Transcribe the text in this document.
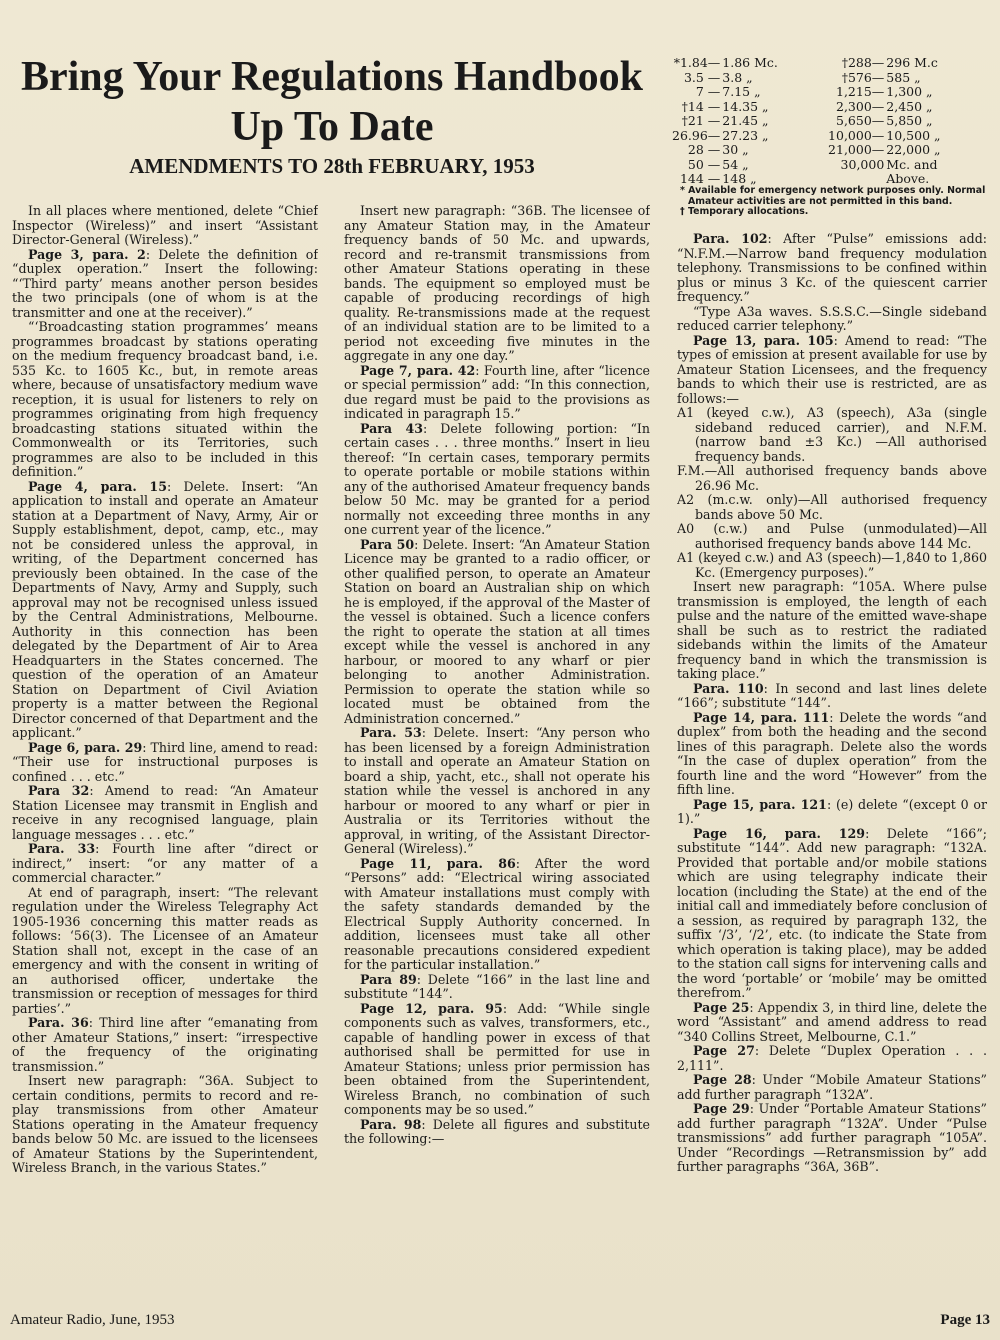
Bring Your Regulations Handbook
Up To Date
AMENDMENTS TO 28th FEBRUARY, 1953

In all places where mentioned, delete “Chief Inspector (Wireless)” and insert “Assistant Director-General (Wireless).”

Page 3, para. 2: Delete the definition of “duplex operation.” Insert the following: “‘Third party’ means another person besides the two principals (one of whom is at the transmitter and one at the receiver).”

“‘Broadcasting station programmes’ means programmes broadcast by stations operating on the medium frequency broadcast band, i.e. 535 Kc. to 1605 Kc., but, in remote areas where, because of unsatisfactory medium wave reception, it is usual for listeners to rely on programmes originating from high frequency broadcasting stations situated within the Commonwealth or its Territories, such programmes are also to be included in this definition.”

Page 4, para. 15: Delete. Insert: “An application to install and operate an Amateur station at a Department of Navy, Army, Air or Supply establishment, depot, camp, etc., may not be considered unless the approval, in writing, of the Department concerned has previously been obtained. In the case of the Departments of Navy, Army and Supply, such approval may not be recognised unless issued by the Central Administrations, Melbourne. Authority in this connection has been delegated by the Department of Air to Area Headquarters in the States concerned. The question of the operation of an Amateur Station on Department of Civil Aviation property is a matter between the Regional Director concerned of that Department and the applicant.”

Page 6, para. 29: Third line, amend to read: “Their use for instructional purposes is confined . . . etc.”

Para 32: Amend to read: “An Amateur Station Licensee may transmit in English and receive in any recognised language, plain language messages . . . etc.”

Para. 33: Fourth line after “direct or indirect,” insert: “or any matter of a commercial character.”

At end of paragraph, insert: “The relevant regulation under the Wireless Telegraphy Act 1905-1936 concerning this matter reads as follows: ‘56(3). The Licensee of an Amateur Station shall not, except in the case of an emergency and with the consent in writing of an authorised officer, undertake the transmission or reception of messages for third parties’.”

Para. 36: Third line after “emanating from other Amateur Stations,” insert: “irrespective of the frequency of the originating transmission.”

Insert new paragraph: “36A. Subject to certain conditions, permits to record and re-play transmissions from other Amateur Stations operating in the Amateur frequency bands below 50 Mc. are issued to the licensees of Amateur Stations by the Superintendent, Wireless Branch, in the various States.”

Insert new paragraph: “36B. The licensee of any Amateur Station may, in the Amateur frequency bands of 50 Mc. and upwards, record and re-transmit transmissions from other Amateur Stations operating in these bands. The equipment so employed must be capable of producing recordings of high quality. Re-transmissions made at the request of an individual station are to be limited to a period not exceeding five minutes in the aggregate in any one day.”

Page 7, para. 42: Fourth line, after “licence or special permission” add: “In this connection, due regard must be paid to the provisions as indicated in paragraph 15.”

Para 43: Delete following portion: “In certain cases . . . three months.” Insert in lieu thereof: “In certain cases, temporary permits to operate portable or mobile stations within any of the authorised Amateur frequency bands below 50 Mc. may be granted for a period normally not exceeding three months in any one current year of the licence.”

Para 50: Delete. Insert: “An Amateur Station Licence may be granted to a radio officer, or other qualified person, to operate an Amateur Station on board an Australian ship on which he is employed, if the approval of the Master of the vessel is obtained. Such a licence confers the right to operate the station at all times except while the vessel is anchored in any harbour, or moored to any wharf or pier belonging to another Administration. Permission to operate the station while so located must be obtained from the Administration concerned.”

Para. 53: Delete. Insert: “Any person who has been licensed by a foreign Administration to install and operate an Amateur Station on board a ship, yacht, etc., shall not operate his station while the vessel is anchored in any harbour or moored to any wharf or pier in Australia or its Territories without the approval, in writing, of the Assistant Director-General (Wireless).”

Page 11, para. 86: After the word “Persons” add: “Electrical wiring associated with Amateur installations must comply with the safety standards demanded by the Electrical Supply Authority concerned. In addition, licensees must take all other reasonable precautions considered expedient for the particular installation.”

Para 89: Delete “166” in the last line and substitute “144”.

Page 12, para. 95: Add: “While single components such as valves, transformers, etc., capable of handling power in excess of that authorised shall be permitted for use in Amateur Stations; unless prior permission has been obtained from the Superintendent, Wireless Branch, no combination of such components may be so used.”

Para. 98: Delete all figures and substitute the following:—

*1.84—	1.86 Mc.	†288—	296 M.c
3.5 —	3.8 „	†576—	585 „
7 —	7.15 „	1,215—	1,300 „
†14 —	14.35 „	2,300—	2,450 „
†21 —	21.45 „	5,650—	5,850 „
26.96—	27.23 „	10,000—	10,500 „
28 —	30 „	21,000—	22,000 „
50 —	54 „	30,000	Mc. and
144 —	148 „		Above.

* Available for emergency network purposes only. Normal Amateur activities are not permitted in this band.

† Temporary allocations.

Para. 102: After “Pulse” emissions add: “N.F.M.—Narrow band frequency modulation telephony. Transmissions to be confined within plus or minus 3 Kc. of the quiescent carrier frequency.”

“Type A3a waves. S.S.S.C.—Single sideband reduced carrier telephony.”

Page 13, para. 105: Amend to read: “The types of emission at present available for use by Amateur Station Licensees, and the frequency bands to which their use is restricted, are as follows:—

A1 (keyed c.w.), A3 (speech), A3a (single sideband reduced carrier), and N.F.M. (narrow band ±3 Kc.) —All authorised frequency bands.

F.M.—All authorised frequency bands above 26.96 Mc.

A2 (m.c.w. only)—All authorised frequency bands above 50 Mc.

A0 (c.w.) and Pulse (unmodulated)—All authorised frequency bands above 144 Mc.

A1 (keyed c.w.) and A3 (speech)—1,840 to 1,860 Kc. (Emergency purposes).”

Insert new paragraph: “105A. Where pulse transmission is employed, the length of each pulse and the nature of the emitted wave-shape shall be such as to restrict the radiated sidebands within the limits of the Amateur frequency band in which the transmission is taking place.”

Para. 110: In second and last lines delete “166”; substitute “144”.

Page 14, para. 111: Delete the words “and duplex” from both the heading and the second lines of this paragraph. Delete also the words “In the case of duplex operation” from the fourth line and the word “However” from the fifth line.

Page 15, para. 121: (e) delete “(except 0 or 1).”

Page 16, para. 129: Delete “166”; substitute “144”. Add new paragraph: “132A. Provided that portable and/or mobile stations which are using telegraphy indicate their location (including the State) at the end of the initial call and immediately before conclusion of a session, as required by paragraph 132, the suffix ‘/3’, ‘/2’, etc. (to indicate the State from which operation is taking place), may be added to the station call signs for intervening calls and the word ‘portable’ or ‘mobile’ may be omitted therefrom.”

Page 25: Appendix 3, in third line, delete the word “Assistant” and amend address to read “340 Collins Street, Melbourne, C.1.”

Page 27: Delete “Duplex Operation . . . 2,111”.

Page 28: Under “Mobile Amateur Stations” add further paragraph “132A”.

Page 29: Under “Portable Amateur Stations” add further paragraph “132A”. Under “Pulse transmissions” add further paragraph “105A”. Under “Recordings —Retransmission by” add further paragraphs “36A, 36B”.

Amateur Radio, June, 1953	Page 13
